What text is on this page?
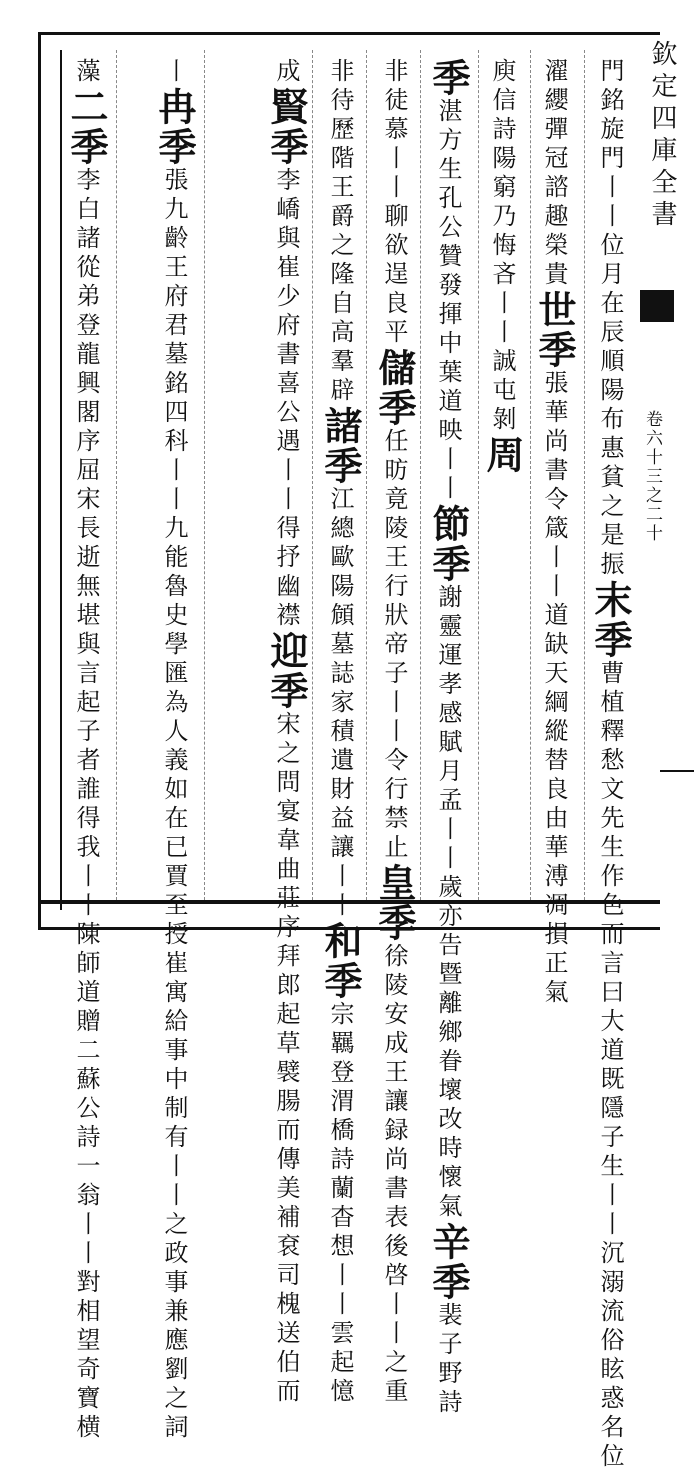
欽定四庫全書
卷六十三之二十
門銘旋門丨丨位月在辰順陽布惠貧之是振末季曹植釋愁文先生作色而言曰大道既隱子生丨丨沉溺流俗眩惑名位
濯纓彈冠諮趣榮貴世季張華尚書令箴丨丨道缺天綱縱替良由華溥凋損正氣
庾信詩陽窮乃悔吝丨丨誠屯剝周
季湛方生孔公贊發揮中葉道映丨丨節季謝靈運孝感賦月孟丨丨歲亦告暨離鄉眷壞改時懷氣辛季裴子野詩
非徒慕丨丨聊欲逞良平儲季任昉竟陵王行狀帝子丨丨令行禁止皇季徐陵安成王讓録尚書表後啓丨丨之重
非待歷階王爵之隆自高羣辟諸季江總歐陽頠墓誌家積遺財益讓丨丨和季宗羈登渭橋詩蘭杳想丨丨雲起憶
成賢季李嶠與崔少府書喜公遇丨丨得抒幽襟迎季宋之問宴韋曲莊序拜郎起草襞腸而傳美補袞司槐送伯而
丨冉季張九齡王府君墓銘四科丨丨九能魯史學匯為人義如在已賈至授崔寓給事中制有丨丨之政事兼應劉之詞
藻二季李白諸從弟登龍興閣序屈宋長逝無堪與言起子者誰得我丨丨陳師道贈二蘇公詩一翁丨丨對相望奇寶横
